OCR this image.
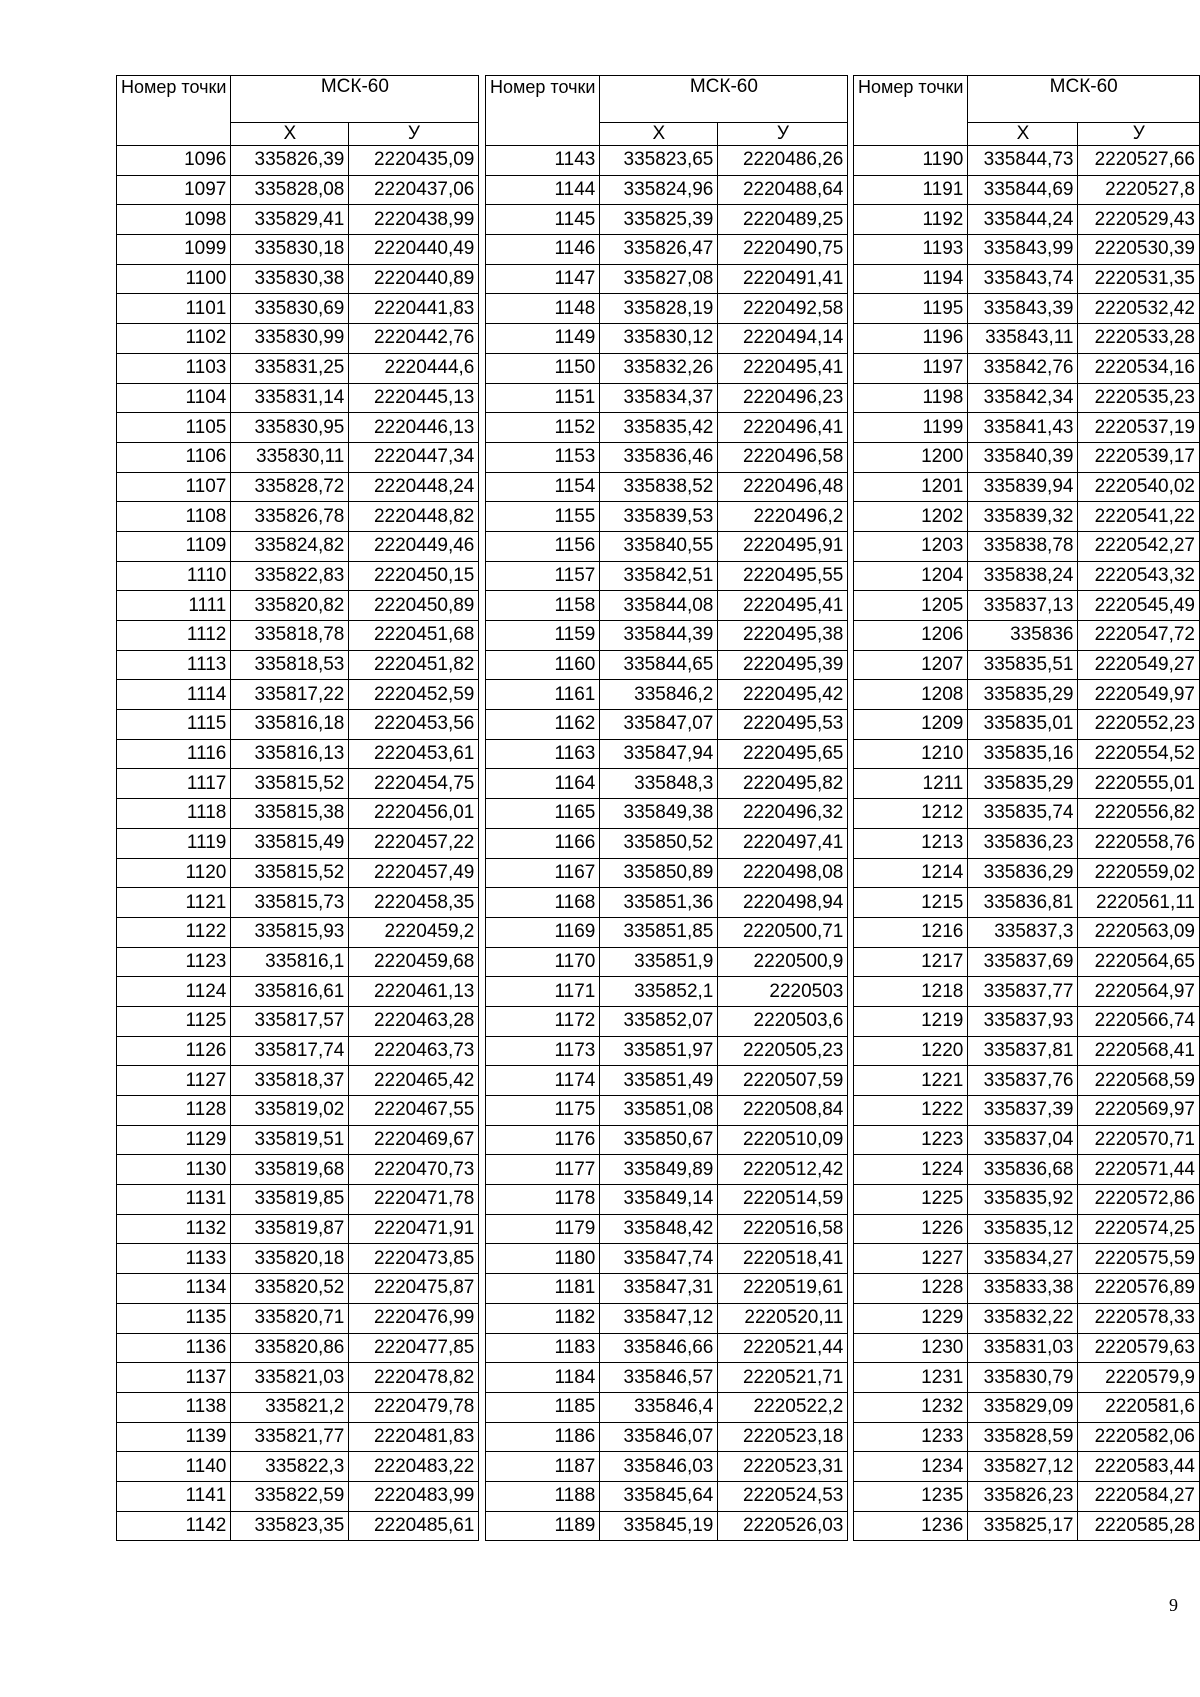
Номер точки	МСК-60	
	Х	У
1096	335826,39	2220435,09
1097	335828,08	2220437,06
1098	335829,41	2220438,99
1099	335830,18	2220440,49
1100	335830,38	2220440,89
1101	335830,69	2220441,83
1102	335830,99	2220442,76
1103	335831,25	2220444,6
1104	335831,14	2220445,13
1105	335830,95	2220446,13
1106	335830,11	2220447,34
1107	335828,72	2220448,24
1108	335826,78	2220448,82
1109	335824,82	2220449,46
1110	335822,83	2220450,15
1111	335820,82	2220450,89
1112	335818,78	2220451,68
1113	335818,53	2220451,82
1114	335817,22	2220452,59
1115	335816,18	2220453,56
1116	335816,13	2220453,61
1117	335815,52	2220454,75
1118	335815,38	2220456,01
1119	335815,49	2220457,22
1120	335815,52	2220457,49
1121	335815,73	2220458,35
1122	335815,93	2220459,2
1123	335816,1	2220459,68
1124	335816,61	2220461,13
1125	335817,57	2220463,28
1126	335817,74	2220463,73
1127	335818,37	2220465,42
1128	335819,02	2220467,55
1129	335819,51	2220469,67
1130	335819,68	2220470,73
1131	335819,85	2220471,78
1132	335819,87	2220471,91
1133	335820,18	2220473,85
1134	335820,52	2220475,87
1135	335820,71	2220476,99
1136	335820,86	2220477,85
1137	335821,03	2220478,82
1138	335821,2	2220479,78
1139	335821,77	2220481,83
1140	335822,3	2220483,22
1141	335822,59	2220483,99
1142	335823,35	2220485,61
Номер точки	МСК-60	
	Х	У
1143	335823,65	2220486,26
1144	335824,96	2220488,64
1145	335825,39	2220489,25
1146	335826,47	2220490,75
1147	335827,08	2220491,41
1148	335828,19	2220492,58
1149	335830,12	2220494,14
1150	335832,26	2220495,41
1151	335834,37	2220496,23
1152	335835,42	2220496,41
1153	335836,46	2220496,58
1154	335838,52	2220496,48
1155	335839,53	2220496,2
1156	335840,55	2220495,91
1157	335842,51	2220495,55
1158	335844,08	2220495,41
1159	335844,39	2220495,38
1160	335844,65	2220495,39
1161	335846,2	2220495,42
1162	335847,07	2220495,53
1163	335847,94	2220495,65
1164	335848,3	2220495,82
1165	335849,38	2220496,32
1166	335850,52	2220497,41
1167	335850,89	2220498,08
1168	335851,36	2220498,94
1169	335851,85	2220500,71
1170	335851,9	2220500,9
1171	335852,1	2220503
1172	335852,07	2220503,6
1173	335851,97	2220505,23
1174	335851,49	2220507,59
1175	335851,08	2220508,84
1176	335850,67	2220510,09
1177	335849,89	2220512,42
1178	335849,14	2220514,59
1179	335848,42	2220516,58
1180	335847,74	2220518,41
1181	335847,31	2220519,61
1182	335847,12	2220520,11
1183	335846,66	2220521,44
1184	335846,57	2220521,71
1185	335846,4	2220522,2
1186	335846,07	2220523,18
1187	335846,03	2220523,31
1188	335845,64	2220524,53
1189	335845,19	2220526,03
Номер точки	МСК-60	
	Х	У
1190	335844,73	2220527,66
1191	335844,69	2220527,8
1192	335844,24	2220529,43
1193	335843,99	2220530,39
1194	335843,74	2220531,35
1195	335843,39	2220532,42
1196	335843,11	2220533,28
1197	335842,76	2220534,16
1198	335842,34	2220535,23
1199	335841,43	2220537,19
1200	335840,39	2220539,17
1201	335839,94	2220540,02
1202	335839,32	2220541,22
1203	335838,78	2220542,27
1204	335838,24	2220543,32
1205	335837,13	2220545,49
1206	335836	2220547,72
1207	335835,51	2220549,27
1208	335835,29	2220549,97
1209	335835,01	2220552,23
1210	335835,16	2220554,52
1211	335835,29	2220555,01
1212	335835,74	2220556,82
1213	335836,23	2220558,76
1214	335836,29	2220559,02
1215	335836,81	2220561,11
1216	335837,3	2220563,09
1217	335837,69	2220564,65
1218	335837,77	2220564,97
1219	335837,93	2220566,74
1220	335837,81	2220568,41
1221	335837,76	2220568,59
1222	335837,39	2220569,97
1223	335837,04	2220570,71
1224	335836,68	2220571,44
1225	335835,92	2220572,86
1226	335835,12	2220574,25
1227	335834,27	2220575,59
1228	335833,38	2220576,89
1229	335832,22	2220578,33
1230	335831,03	2220579,63
1231	335830,79	2220579,9
1232	335829,09	2220581,6
1233	335828,59	2220582,06
1234	335827,12	2220583,44
1235	335826,23	2220584,27
1236	335825,17	2220585,28
9
